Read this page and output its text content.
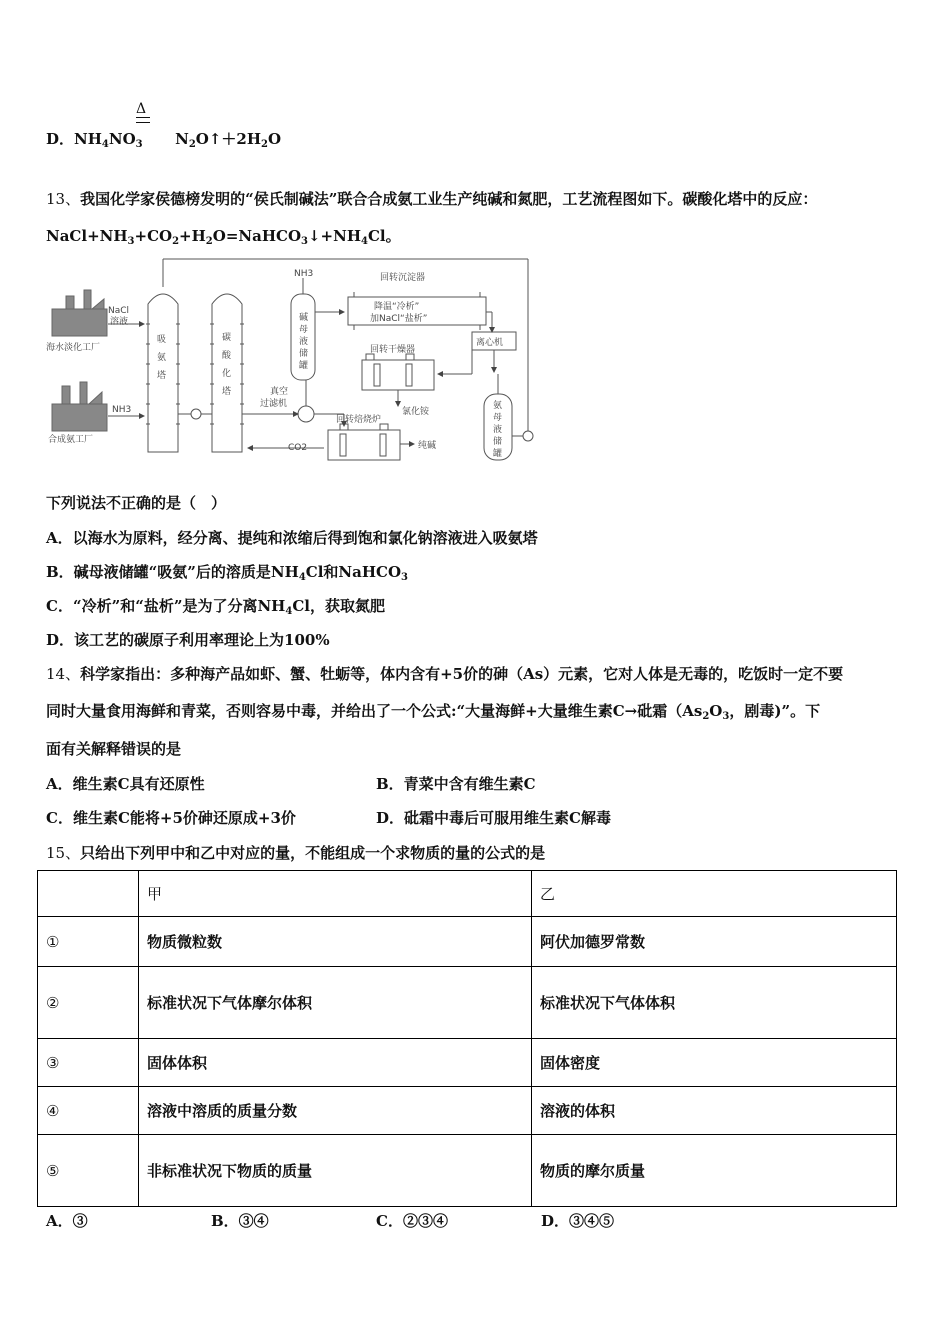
Δ
D．$NH_4NO_3$ $N_2O↑+2H_2O$
13、我国化学家侯德榜发明的“侯氏制碱法”联合合成氨工业生产纯碱和氮肥，工艺流程图如下。碳酸化塔中的反应：
$NaCl+NH_3+CO_2+H_2O=NaHCO_3↓+NH_4Cl$。
NaCl
溶液
海水淡化工厂
NH3
合成氨工厂
吸
氨
塔
碳
酸
化
塔	真空
过滤机
CO2
NH3
碱
母
液
储
罐
回转沉淀器
降温“冷析”
加NaCl“盐析”
离心机
回转干燥器
氯化铵
回转焙烧炉
纯碱
氨
母
液
储
罐
下列说法不正确的是（　）
A．以海水为原料，经分离、提纯和浓缩后得到饱和氯化钠溶液进入吸氨塔
B．碱母液储罐“吸氨”后的溶质是$NH_4Cl$和NaHCO$_3$
C．“冷析”和“盐析”是为了分离$NH_4Cl$，获取氮肥
D．该工艺的碳原子利用率理论上为100%
14、科学家指出：多种海产品如虾、蟹、牡蛎等，体内含有+5价的砷（As）元素，它对人体是无毒的，吃饭时一定不要
同时大量食用海鲜和青菜，否则容易中毒，并给出了一个公式:“大量海鲜+大量维生素C→砒霜（$As_2O_3$，剧毒)”。下
面有关解释错误的是
A．维生素C具有还原性	B．青菜中含有维生素C
C．维生素C能将+5价砷还原成+3价	D．砒霜中毒后可服用维生素C解毒
15、只给出下列甲中和乙中对应的量，不能组成一个求物质的量的公式的是
	甲	乙
①	物质微粒数	阿伏加德罗常数
②	标准状况下气体摩尔体积	标准状况下气体体积
③	固体体积	固体密度
④	溶液中溶质的质量分数	溶液的体积
⑤	非标准状况下物质的质量	物质的摩尔质量
A．③	B．③④	C．②③④	D．③④⑤
